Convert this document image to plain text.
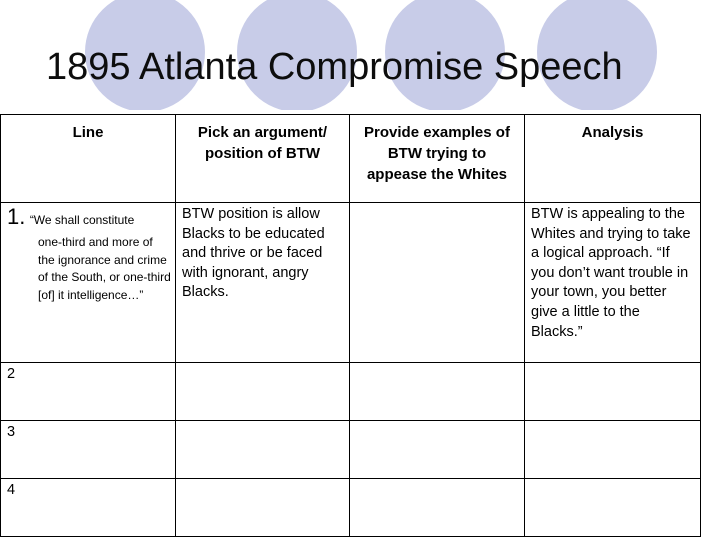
1895 Atlanta Compromise Speech
Line	Pick an argument/ position of BTW	Provide examples of BTW trying to appease the Whites	Analysis

1. “We shall constitute
one-third and more of the ignorance and crime of the South, or one-third [of] it intelligence…”	BTW position is allow Blacks to be educated and thrive or be faced with ignorant, angry Blacks.		BTW is appealing to the Whites and trying to take a logical approach. “If you don’t want trouble in your town, you better give a little to the Blacks.”
2			
3			
4			
